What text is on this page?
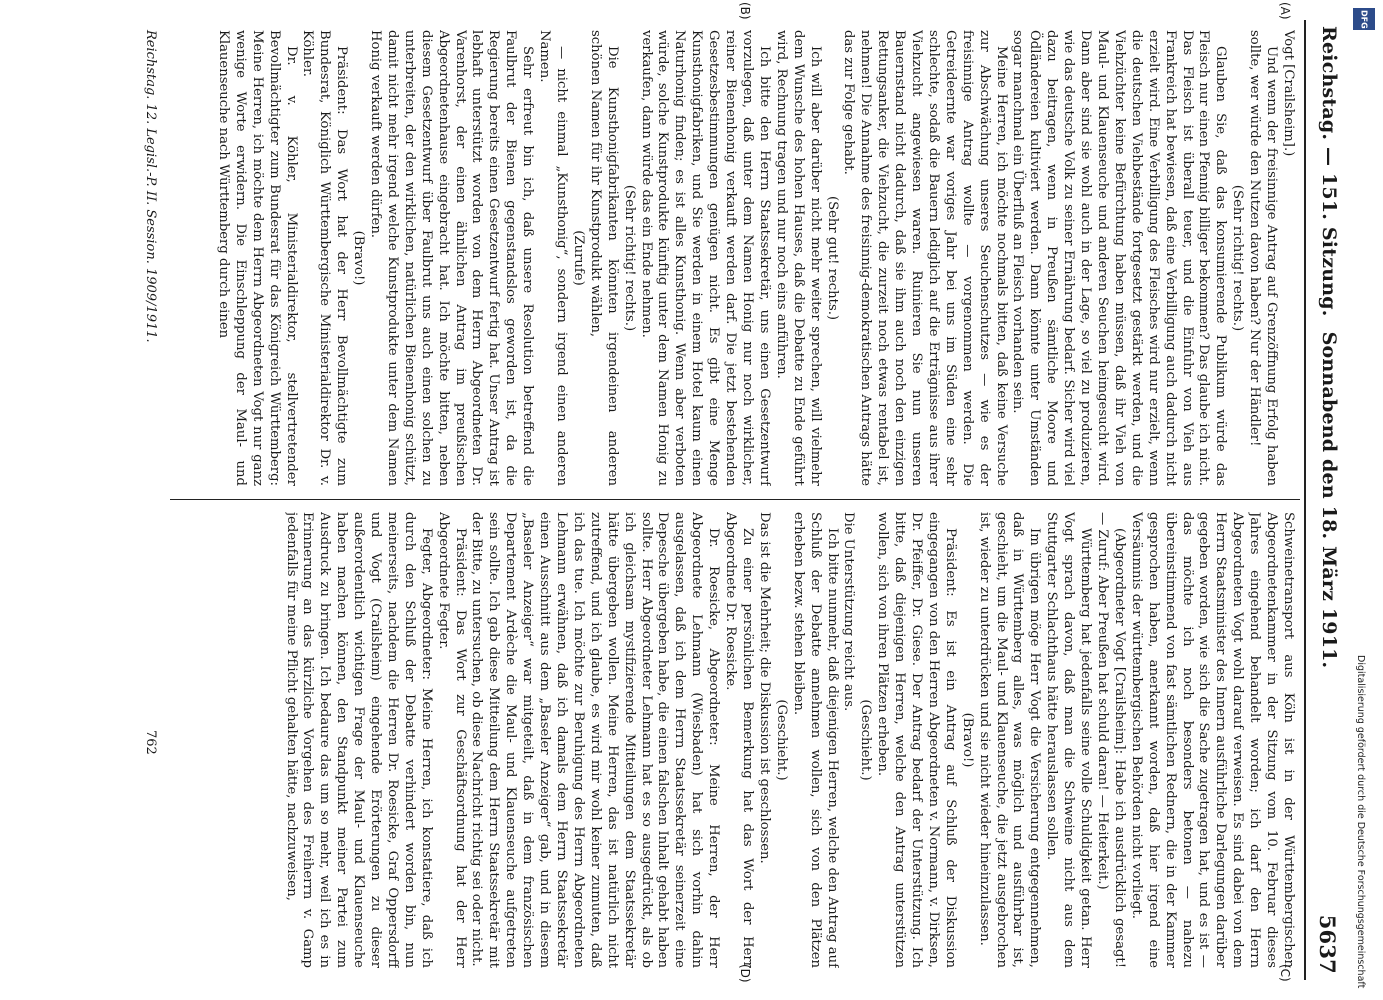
Reichstag. — 151. Sitzung.
Sonnabend den 18. März 1911.
5637
(A)
(B)
(C)
(D)

Vogt [Crailsheim].)

Und wenn der freisinnige Antrag auf Grenzöffnung Erfolg haben sollte, wer würde den Nutzen davon haben? Nur der Händler!

(Sehr richtig! rechts.)

Glauben Sie, daß das konsumierende Publikum würde das Fleisch nur einen Pfennig billiger bekommen? Das glaube ich nicht. Das Fleisch ist überall teuer, und die Einfuhr von Vieh aus Frankreich hat bewiesen, daß eine Verbilligung auch dadurch nicht erzielt wird. Eine Verbilligung des Fleisches wird nur erzielt, wenn die deutschen Viehbestände fortgesetzt gestärkt werden, und die Viehzüchter keine Befürchtung haben müssen, daß ihr Vieh von Maul- und Klauenseuche und anderen Seuchen heimgesucht wird. Dann aber sind sie wohl auch in der Lage, so viel zu produzieren, wie das deutsche Volk zu seiner Ernährung bedarf. Sicher wird viel dazu beitragen, wenn in Preußen sämtliche Moore und Ödländereien kultiviert werden. Dann könnte unter Umständen sogar manchmal ein Überfluß an Fleisch vorhanden sein.

Meine Herren, ich möchte nochmals bitten, daß keine Versuche zur Abschwächung unseres Seuchenschutzes — wie es der freisinnige Antrag wollte — vorgenommen werden. Die Getreideernte war voriges Jahr bei uns im Süden eine sehr schlechte, sodaß die Bauern lediglich auf die Erträgnisse aus ihrer Viehzucht angewiesen waren. Ruinieren Sie nun unseren Bauernstand nicht dadurch, daß sie ihm auch noch den einzigen Rettungsanker, die Viehzucht, die zurzeit noch etwas rentabel ist, nehmen! Die Annahme des freisinnig-demokratischen Antrags hätte das zur Folge gehabt.

(Sehr gut! rechts.)

Ich will aber darüber nicht mehr weiter sprechen, will vielmehr dem Wunsche des hohen Hauses, daß die Debatte zu Ende geführt wird, Rechnung tragen und nur noch eins anführen.

Ich bitte den Herrn Staatssekretär, uns einen Gesetzentwurf vorzulegen, daß unter dem Namen Honig nur noch wirklicher, reiner Bienenhonig verkauft werden darf. Die jetzt bestehenden Gesetzesbestimmungen genügen nicht. Es gibt eine Menge Kunsthonigfabriken, und Sie werden in einem Hotel kaum einen Naturhonig finden; es ist alles Kunsthonig. Wenn aber verboten würde, solche Kunstprodukte künftig unter dem Namen Honig zu verkaufen, dann würde das ein Ende nehmen.

(Sehr richtig! rechts.)

Die Kunsthonigfabrikanten könnten irgendeinen anderen schönen Namen für ihr Kunstprodukt wählen,

(Zurufe)

— nicht einmal „Kunsthonig“, sondern irgend einen anderen Namen.

Sehr erfreut bin ich, daß unsere Resolution betreffend die Faulbrut der Bienen gegenstandslos geworden ist, da die Regierung bereits einen Gesetzentwurf fertig hat. Unser Antrag ist lebhaft unterstützt worden von dem Herrn Abgeordneten Dr. Varenhorst, der einen ähnlichen Antrag im preußischen Abgeordnetenhause eingebracht hat. Ich möchte bitten, neben diesem Gesetzentwurf über Faulbrut uns auch einen solchen zu unterbreiten, der den wirklichen, natürlichen Bienenhonig schützt, damit nicht mehr irgend welche Kunstprodukte unter dem Namen Honig verkauft werden dürfen.

(Bravo!)

Präsident: Das Wort hat der Herr Bevollmächtigte zum Bundesrat, Königlich Württembergische Ministerialdirektor Dr. v. Köhler.

Dr. v. Köhler, Ministerialdirektor, stellvertretender Bevollmächtigter zum Bundesrat für das Königreich Württemberg: Meine Herren, ich möchte dem Herrn Abgeordneten Vogt nur ganz wenige Worte erwidern. Die Einschleppung der Maul- und Klauenseuche nach Württemberg durch einen

Schweinetransport aus Köln ist in der Württembergischen Abgeordnetenkammer in der Sitzung vom 10. Februar dieses Jahres eingehend behandelt worden; ich darf den Herrn Abgeordneten Vogt wohl darauf verweisen. Es sind dabei von dem Herrn Staatsminister des Innern ausführliche Darlegungen darüber gegeben worden, wie sich die Sache zugetragen hat, und es ist — das möchte ich noch besonders betonen — nahezu übereinstimmend von fast sämtlichen Rednern, die in der Kammer gesprochen haben, anerkannt worden, daß hier irgend eine Versäumnis der württembergischen Behörden nicht vorliegt.

(Abgeordneter Vogt [Crailsheim]: Habe ich ausdrücklich gesagt! — Zuruf: Aber Preußen hat schuld daran! — Heiterkeit.)

Württemberg hat jedenfalls seine volle Schuldigkeit getan. Herr Vogt sprach davon, daß man die Schweine nicht aus dem Stuttgarter Schlachthaus hätte herauslassen sollen.

Im übrigen möge Herr Vogt die Versicherung entgegennehmen, daß in Württemberg alles, was möglich und ausführbar ist, geschieht, um die Maul- und Klauenseuche, die jetzt ausgebrochen ist, wieder zu unterdrücken und sie nicht wieder hineinzulassen.

(Bravo!)

Präsident: Es ist ein Antrag auf Schluß der Diskussion eingegangen von den Herren Abgeordneten v. Normann, v. Dirksen, Dr. Pfeiffer, Dr. Giese. Der Antrag bedarf der Unterstützung. Ich bitte, daß diejenigen Herren, welche den Antrag unterstützen wollen, sich von ihren Plätzen erheben.

(Geschieht.)

Die Unterstützung reicht aus.

Ich bitte nunmehr, daß diejenigen Herren, welche den Antrag auf Schluß der Debatte annehmen wollen, sich von den Plätzen erheben bezw. stehen bleiben.

(Geschieht.)

Das ist die Mehrheit; die Diskussion ist geschlossen.

Zu einer persönlichen Bemerkung hat das Wort der Herr Abgeordnete Dr. Roesicke.

Dr. Roesicke, Abgeordneter: Meine Herren, der Herr Abgeordnete Lehmann (Wiesbaden) hat sich vorhin dahin ausgelassen, daß ich dem Herrn Staatssekretär seinerzeit eine Depesche übergeben habe, die einen falschen Inhalt gehabt haben sollte. Herr Abgeordneter Lehmann hat es so ausgedrückt, als ob ich gleichsam mystifizierende Mitteilungen dem Staatssekretär hätte übergeben wollen. Meine Herren, das ist natürlich nicht zutreffend, und ich glaube, es wird mir wohl keiner zumuten, daß ich das tue. Ich möchte zur Beruhigung des Herrn Abgeordneten Lehmann erwähnen, daß ich damals dem Herrn Staatssekretär einen Ausschnitt aus dem „Baseler Anzeiger“ gab, und in diesem „Baseler Anzeiger“ war mitgeteilt, daß in dem französischen Departement Ardèche die Maul- und Klauenseuche aufgetreten sein sollte. Ich gab diese Mitteilung dem Herrn Staatssekretär mit der Bitte, zu untersuchen, ob diese Nachricht richtig sei oder nicht.

Präsident: Das Wort zur Geschäftsordnung hat der Herr Abgeordnete Fegter.

Fegter, Abgeordneter: Meine Herren, ich konstatiere, daß ich durch den Schluß der Debatte verhindert worden bin, nun meinerseits, nachdem die Herren Dr. Roesicke, Graf Oppersdorff und Vogt (Crailsheim) eingehende Erörterungen zu dieser außerordentlich wichtigen Frage der Maul- und Klauenseuche haben machen können, den Standpunkt meiner Partei zum Ausdruck zu bringen. Ich bedaure das um so mehr, weil ich es in Erinnerung an das kürzliche Vorgehen des Freiherrn v. Gamp jedenfalls für meine Pflicht gehalten hätte, nachzuweisen,

Reichstag. 12. Legisl.-P. II. Session. 1909/1911.
762
DFG
Digitalisierung gefördert durch die Deutsche Forschungsgemeinschaft
